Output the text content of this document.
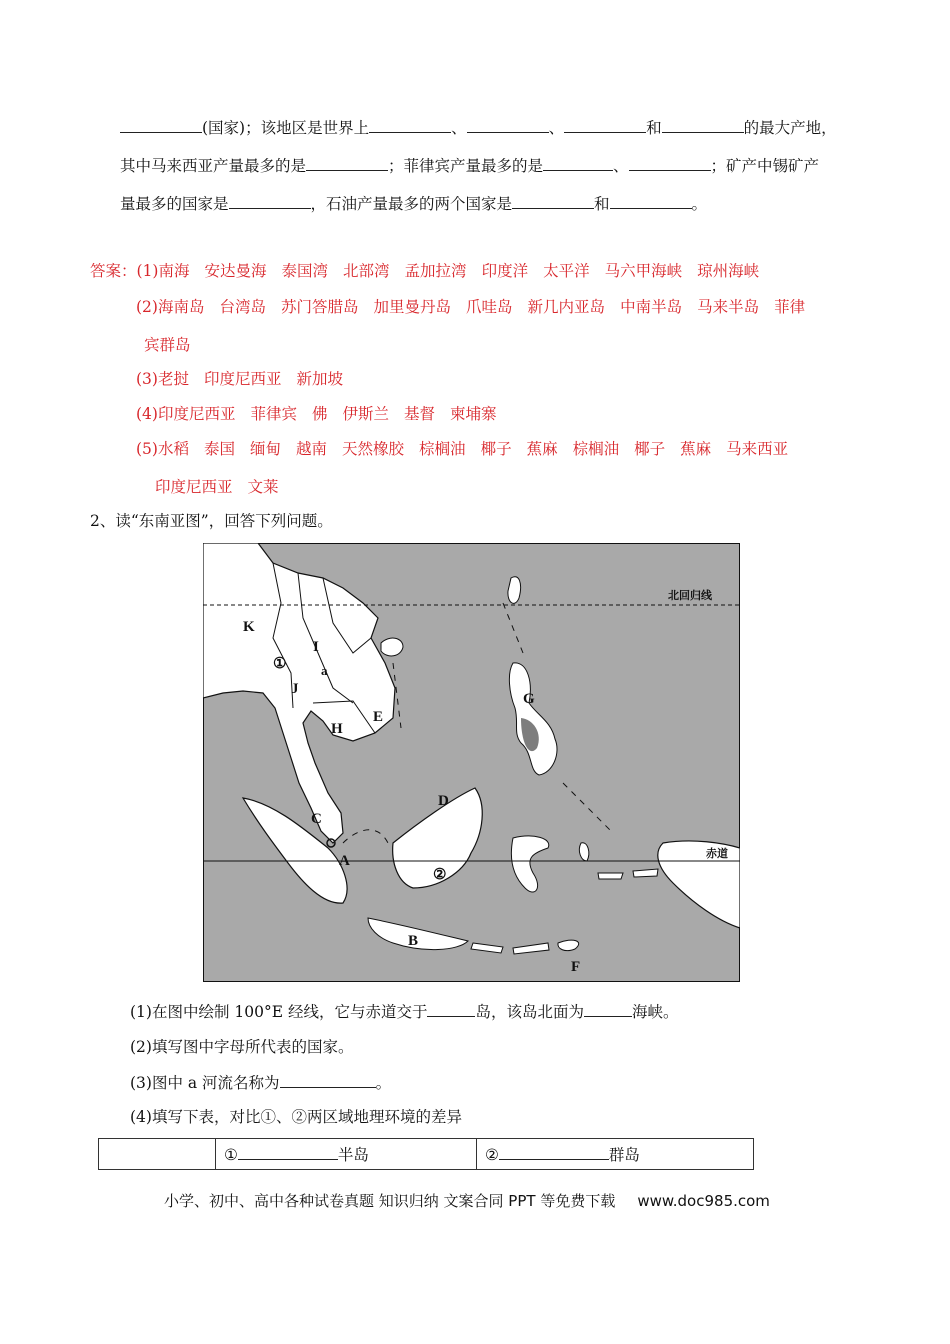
(国家)；该地区是世界上	、	、	和	的最大产地，
其中马来西亚产量最多的是	；菲律宾产量最多的是	、	；矿产中锡矿产
量最多的国家是	，石油产量最多的两个国家是	和	。
答案：(1)南海 安达曼海 泰国湾 北部湾 孟加拉湾 印度洋 太平洋 马六甲海峡 琼州海峡
(2)海南岛 台湾岛 苏门答腊岛 加里曼丹岛 爪哇岛 新几内亚岛 中南半岛 马来半岛 菲律
宾群岛
(3)老挝 印度尼西亚 新加坡
(4)印度尼西亚 菲律宾 佛 伊斯兰 基督 柬埔寨
(5)水稻 泰国 缅甸 越南 天然橡胶 棕榈油 椰子 蕉麻 棕榈油 椰子 蕉麻 马来西亚
印度尼西亚 文莱
2、读“东南亚图”，回答下列问题。
北回归线
赤道
K
I
J
a
H
E
G
D
C
A
B
F
①
②
(1)在图中绘制 100°E 经线，它与赤道交于	岛，该岛北面为	海峡。
(2)填写图中字母所代表的国家。
(3)图中 a 河流名称为	。
(4)填写下表，对比①、②两区域地理环境的差异
	①	半岛	②	群岛
小学、初中、高中各种试卷真题 知识归纳 文案合同 PPT 等免费下载 www.doc985.com
